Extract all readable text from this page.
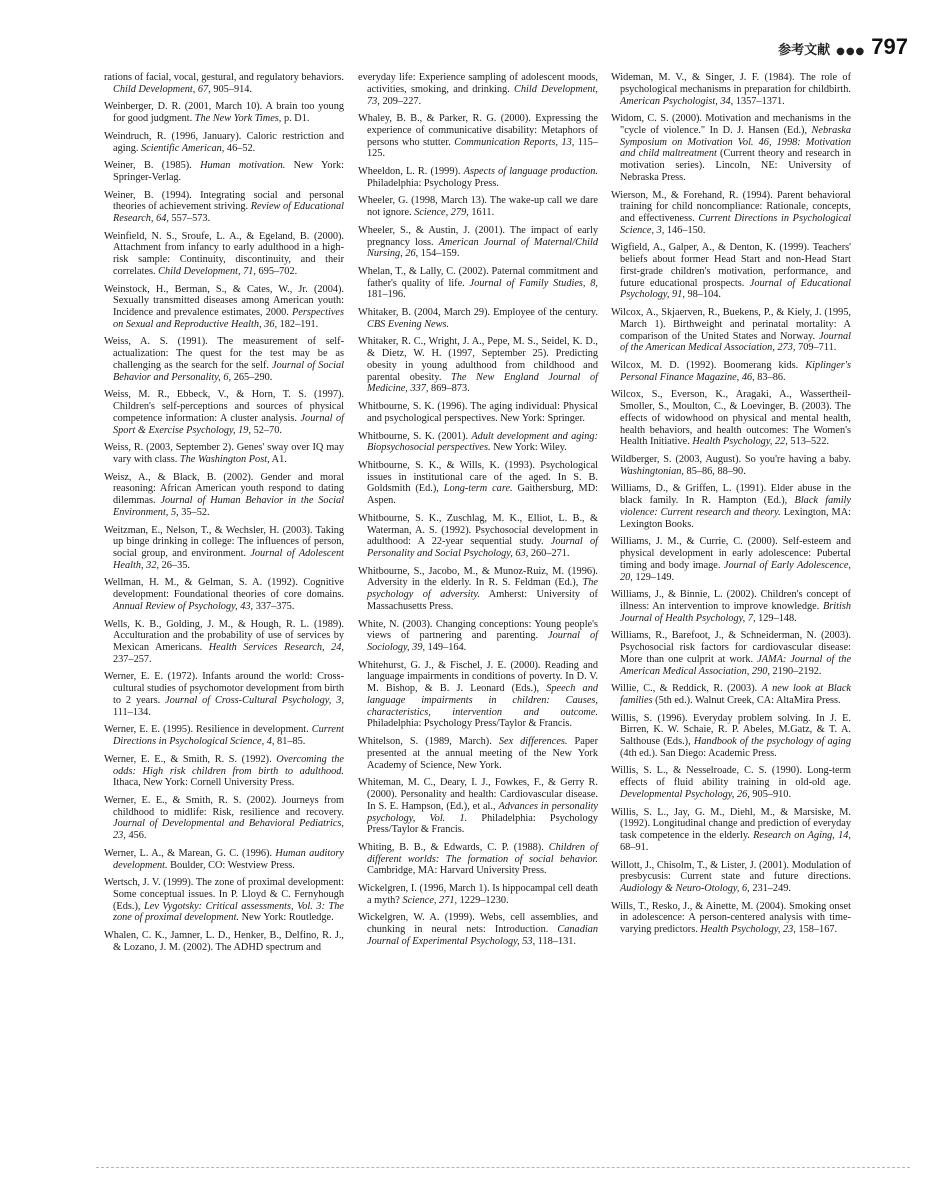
参考文献 ●●● 797

rations of facial, vocal, gestural, and regulatory behaviors. Child Development, 67, 905–914.

Weinberger, D. R. (2001, March 10). A brain too young for good judgment. The New York Times, p. D1.

Weindruch, R. (1996, January). Caloric restriction and aging. Scientific American, 46–52.

Weiner, B. (1985). Human motivation. New York: Springer-Verlag.

Weiner, B. (1994). Integrating social and personal theories of achievement striving. Review of Educational Research, 64, 557–573.

Weinfield, N. S., Sroufe, L. A., & Egeland, B. (2000). Attachment from infancy to early adulthood in a high-risk sample: Continuity, discontinuity, and their correlates. Child Development, 71, 695–702.

Weinstock, H., Berman, S., & Cates, W., Jr. (2004). Sexually transmitted diseases among American youth: Incidence and prevalence estimates, 2000. Perspectives on Sexual and Reproductive Health, 36, 182–191.

Weiss, A. S. (1991). The measurement of self-actualization: The quest for the test may be as challenging as the search for the self. Journal of Social Behavior and Personality, 6, 265–290.

Weiss, M. R., Ebbeck, V., & Horn, T. S. (1997). Children's self-perceptions and sources of physical competence information: A cluster analysis. Journal of Sport & Exercise Psychology, 19, 52–70.

Weiss, R. (2003, September 2). Genes' sway over IQ may vary with class. The Washington Post, A1.

Weisz, A., & Black, B. (2002). Gender and moral reasoning: African American youth respond to dating dilemmas. Journal of Human Behavior in the Social Environment, 5, 35–52.

Weitzman, E., Nelson, T., & Wechsler, H. (2003). Taking up binge drinking in college: The influences of person, social group, and environment. Journal of Adolescent Health, 32, 26–35.

Wellman, H. M., & Gelman, S. A. (1992). Cognitive development: Foundational theories of core domains. Annual Review of Psychology, 43, 337–375.

Wells, K. B., Golding, J. M., & Hough, R. L. (1989). Acculturation and the probability of use of services by Mexican Americans. Health Services Research, 24, 237–257.

Werner, E. E. (1972). Infants around the world: Cross-cultural studies of psychomotor development from birth to 2 years. Journal of Cross-Cultural Psychology, 3, 111–134.

Werner, E. E. (1995). Resilience in development. Current Directions in Psychological Science, 4, 81–85.

Werner, E. E., & Smith, R. S. (1992). Overcoming the odds: High risk children from birth to adulthood. Ithaca, New York: Cornell University Press.

Werner, E. E., & Smith, R. S. (2002). Journeys from childhood to midlife: Risk, resilience and recovery. Journal of Developmental and Behavioral Pediatrics, 23, 456.

Werner, L. A., & Marean, G. C. (1996). Human auditory development. Boulder, CO: Westview Press.

Wertsch, J. V. (1999). The zone of proximal development: Some conceptual issues. In P. Lloyd & C. Fernyhough (Eds.), Lev Vygotsky: Critical assessments, Vol. 3: The zone of proximal development. New York: Routledge.

Whalen, C. K., Jamner, L. D., Henker, B., Delfino, R. J., & Lozano, J. M. (2002). The ADHD spectrum and

everyday life: Experience sampling of adolescent moods, activities, smoking, and drinking. Child Development, 73, 209–227.

Whaley, B. B., & Parker, R. G. (2000). Expressing the experience of communicative disability: Metaphors of persons who stutter. Communication Reports, 13, 115–125.

Wheeldon, L. R. (1999). Aspects of language production. Philadelphia: Psychology Press.

Wheeler, G. (1998, March 13). The wake-up call we dare not ignore. Science, 279, 1611.

Wheeler, S., & Austin, J. (2001). The impact of early pregnancy loss. American Journal of Maternal/Child Nursing, 26, 154–159.

Whelan, T., & Lally, C. (2002). Paternal commitment and father's quality of life. Journal of Family Studies, 8, 181–196.

Whitaker, B. (2004, March 29). Employee of the century. CBS Evening News.

Whitaker, R. C., Wright, J. A., Pepe, M. S., Seidel, K. D., & Dietz, W. H. (1997, September 25). Predicting obesity in young adulthood from childhood and parental obesity. The New England Journal of Medicine, 337, 869–873.

Whitbourne, S. K. (1996). The aging individual: Physical and psychological perspectives. New York: Springer.

Whitbourne, S. K. (2001). Adult development and aging: Biopsychosocial perspectives. New York: Wiley.

Whitbourne, S. K., & Wills, K. (1993). Psychological issues in institutional care of the aged. In S. B. Goldsmith (Ed.), Long-term care. Gaithersburg, MD: Aspen.

Whitbourne, S. K., Zuschlag, M. K., Elliot, L. B., & Waterman, A. S. (1992). Psychosocial development in adulthood: A 22-year sequential study. Journal of Personality and Social Psychology, 63, 260–271.

Whitbourne, S., Jacobo, M., & Munoz-Ruiz, M. (1996). Adversity in the elderly. In R. S. Feldman (Ed.), The psychology of adversity. Amherst: University of Massachusetts Press.

White, N. (2003). Changing conceptions: Young people's views of partnering and parenting. Journal of Sociology, 39, 149–164.

Whitehurst, G. J., & Fischel, J. E. (2000). Reading and language impairments in conditions of poverty. In D. V. M. Bishop, & B. J. Leonard (Eds.), Speech and language impairments in children: Causes, characteristics, intervention and outcome. Philadelphia: Psychology Press/Taylor & Francis.

Whitelson, S. (1989, March). Sex differences. Paper presented at the annual meeting of the New York Academy of Science, New York.

Whiteman, M. C., Deary, I. J., Fowkes, F., & Gerry R. (2000). Personality and health: Cardiovascular disease. In S. E. Hampson, (Ed.), et al., Advances in personality psychology, Vol. 1. Philadelphia: Psychology Press/Taylor & Francis.

Whiting, B. B., & Edwards, C. P. (1988). Children of different worlds: The formation of social behavior. Cambridge, MA: Harvard University Press.

Wickelgren, I. (1996, March 1). Is hippocampal cell death a myth? Science, 271, 1229–1230.

Wickelgren, W. A. (1999). Webs, cell assemblies, and chunking in neural nets: Introduction. Canadian Journal of Experimental Psychology, 53, 118–131.

Wideman, M. V., & Singer, J. F. (1984). The role of psychological mechanisms in preparation for childbirth. American Psychologist, 34, 1357–1371.

Widom, C. S. (2000). Motivation and mechanisms in the "cycle of violence." In D. J. Hansen (Ed.), Nebraska Symposium on Motivation Vol. 46, 1998: Motivation and child maltreatment (Current theory and research in motivation series). Lincoln, NE: University of Nebraska Press.

Wierson, M., & Forehand, R. (1994). Parent behavioral training for child noncompliance: Rationale, concepts, and effectiveness. Current Directions in Psychological Science, 3, 146–150.

Wigfield, A., Galper, A., & Denton, K. (1999). Teachers' beliefs about former Head Start and non-Head Start first-grade children's motivation, performance, and future educational prospects. Journal of Educational Psychology, 91, 98–104.

Wilcox, A., Skjaerven, R., Buekens, P., & Kiely, J. (1995, March 1). Birthweight and perinatal mortality: A comparison of the United States and Norway. Journal of the American Medical Association, 273, 709–711.

Wilcox, M. D. (1992). Boomerang kids. Kiplinger's Personal Finance Magazine, 46, 83–86.

Wilcox, S., Everson, K., Aragaki, A., Wassertheil-Smoller, S., Moulton, C., & Loevinger, B. (2003). The effects of widowhood on physical and mental health, health behaviors, and health outcomes: The Women's Health Initiative. Health Psychology, 22, 513–522.

Wildberger, S. (2003, August). So you're having a baby. Washingtonian, 85–86, 88–90.

Williams, D., & Griffen, L. (1991). Elder abuse in the black family. In R. Hampton (Ed.), Black family violence: Current research and theory. Lexington, MA: Lexington Books.

Williams, J. M., & Currie, C. (2000). Self-esteem and physical development in early adolescence: Pubertal timing and body image. Journal of Early Adolescence, 20, 129–149.

Williams, J., & Binnie, L. (2002). Children's concept of illness: An intervention to improve knowledge. British Journal of Health Psychology, 7, 129–148.

Williams, R., Barefoot, J., & Schneiderman, N. (2003). Psychosocial risk factors for cardiovascular disease: More than one culprit at work. JAMA: Journal of the American Medical Association, 290, 2190–2192.

Willie, C., & Reddick, R. (2003). A new look at Black families (5th ed.). Walnut Creek, CA: AltaMira Press.

Willis, S. (1996). Everyday problem solving. In J. E. Birren, K. W. Schaie, R. P. Abeles, M.Gatz, & T. A. Salthouse (Eds.), Handbook of the psychology of aging (4th ed.). San Diego: Academic Press.

Willis, S. L., & Nesselroade, C. S. (1990). Long-term effects of fluid ability training in old-old age. Developmental Psychology, 26, 905–910.

Willis, S. L., Jay, G. M., Diehl, M., & Marsiske, M. (1992). Longitudinal change and prediction of everyday task competence in the elderly. Research on Aging, 14, 68–91.

Willott, J., Chisolm, T., & Lister, J. (2001). Modulation of presbycusis: Current state and future directions. Audiology & Neuro-Otology, 6, 231–249.

Wills, T., Resko, J., & Ainette, M. (2004). Smoking onset in adolescence: A person-centered analysis with time-varying predictors. Health Psychology, 23, 158–167.
